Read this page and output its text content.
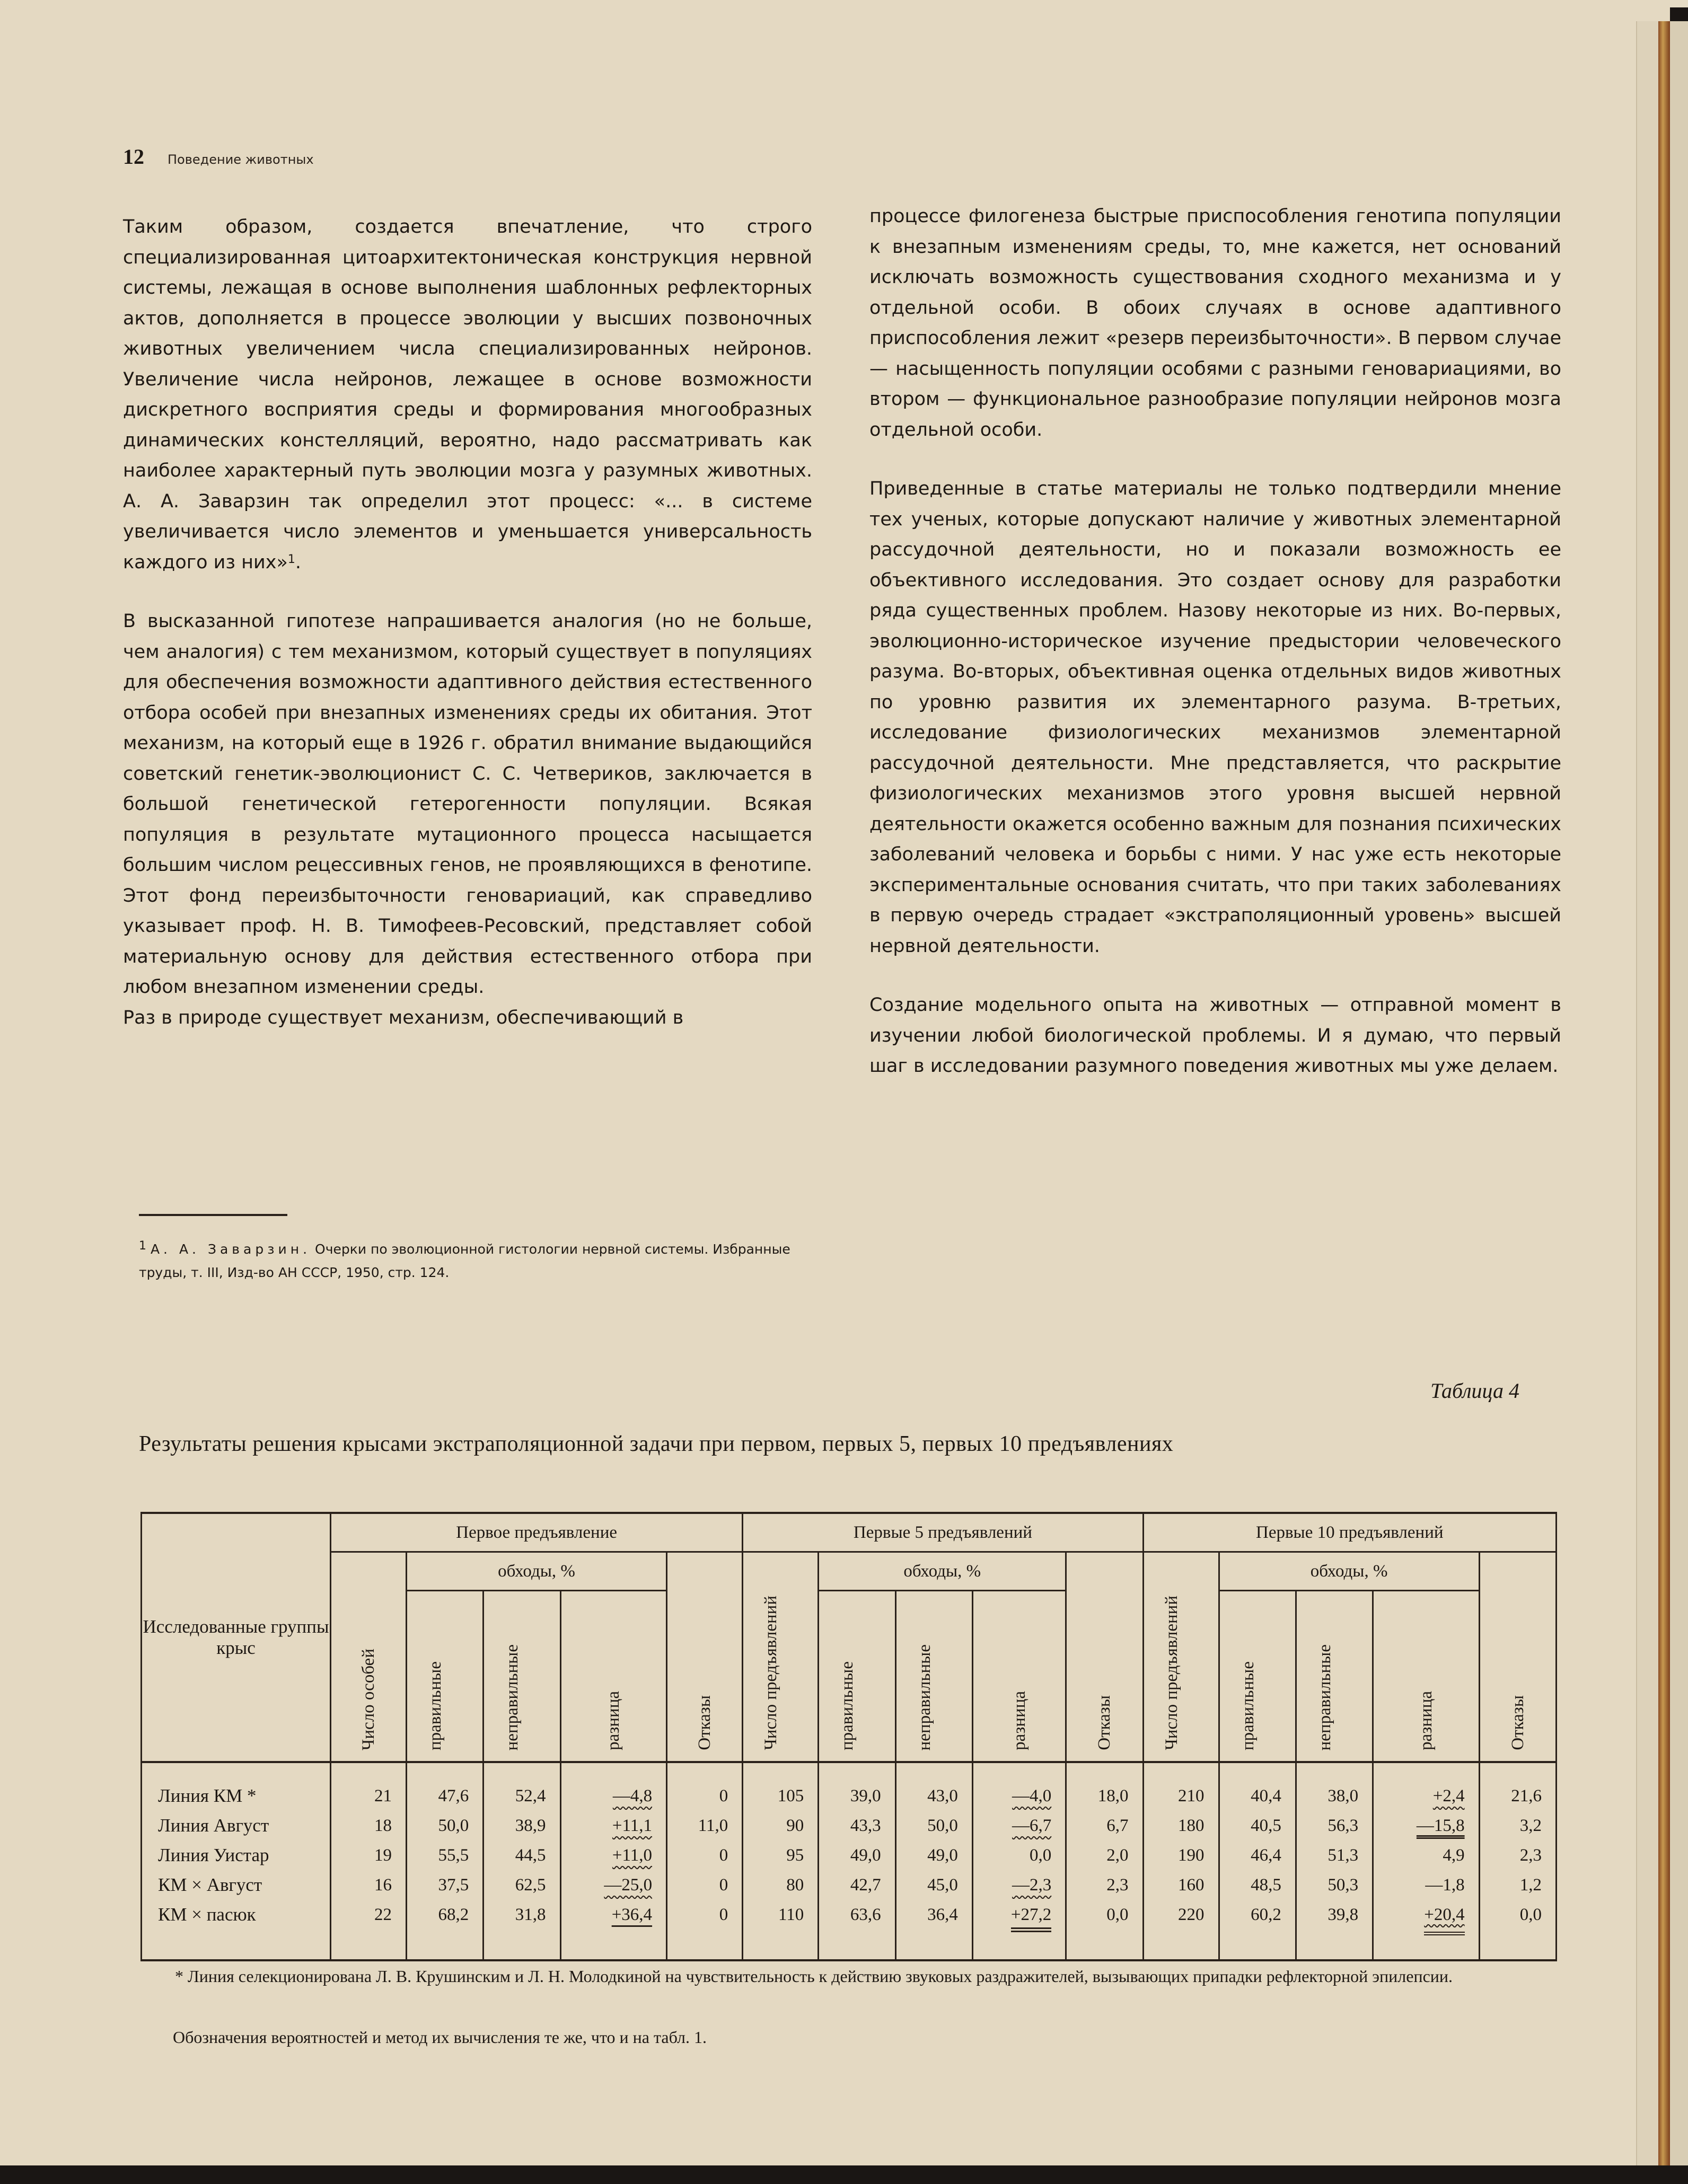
12 Поведение животных

Таким образом, создается впечатление, что строго специализированная цитоархитектоническая конструкция нервной системы, лежащая в основе выполнения шаблонных рефлекторных актов, дополняется в процессе эволюции у высших позвоночных животных увеличением числа специализированных нейронов. Увеличение числа нейронов, лежащее в основе возможности дискретного восприятия среды и формирования многообразных динамических констелляций, вероятно, надо рассматривать как наиболее характерный путь эволюции мозга у разумных животных. А. А. Заварзин так определил этот процесс: «... в системе увеличивается число элементов и уменьшается универсальность каждого из них»$^1$.

В высказанной гипотезе напрашивается аналогия (но не больше, чем аналогия) с тем механизмом, который существует в популяциях для обеспечения возможности адаптивного действия естественного отбора особей при внезапных изменениях среды их обитания. Этот механизм, на который еще в 1926 г. обратил внимание выдающийся советский генетик-эволюционист С. С. Четвериков, заключается в большой генетической гетерогенности популяции. Всякая популяция в результате мутационного процесса насыщается большим числом рецессивных генов, не проявляющихся в фенотипе. Этот фонд переизбыточности геновариаций, как справедливо указывает проф. Н. В. Тимофеев-Ресовский, представляет собой материальную основу для действия естественного отбора при любом внезапном изменении среды.

Раз в природе существует механизм, обеспечивающий в

процессе филогенеза быстрые приспособления генотипа популяции к внезапным изменениям среды, то, мне кажется, нет оснований исключать возможность существования сходного механизма и у отдельной особи. В обоих случаях в основе адаптивного приспособления лежит «резерв переизбыточности». В первом случае — насыщенность популяции особями с разными геновариациями, во втором — функциональное разнообразие популяции нейронов мозга отдельной особи.

Приведенные в статье материалы не только подтвердили мнение тех ученых, которые допускают наличие у животных элементарной рассудочной деятельности, но и показали возможность ее объективного исследования. Это создает основу для разработки ряда существенных проблем. Назову некоторые из них. Во-первых, эволюционно-историческое изучение предыстории человеческого разума. Во-вторых, объективная оценка отдельных видов животных по уровню развития их элементарного разума. В-третьих, исследование физиологических механизмов элементарной рассудочной деятельности. Мне представляется, что раскрытие физиологических механизмов этого уровня высшей нервной деятельности окажется особенно важным для познания психических заболеваний человека и борьбы с ними. У нас уже есть некоторые экспериментальные основания считать, что при таких заболеваниях в первую очередь страдает «экстраполяционный уровень» высшей нервной деятельности.

Создание модельного опыта на животных — отправной момент в изучении любой биологической проблемы. И я думаю, что первый шаг в исследовании разумного поведения животных мы уже делаем.

1 А. А. Заварзин. Очерки по эволюционной гистологии нервной системы. Избранные труды, т. III, Изд-во АН СССР, 1950, стр. 124.
Таблица 4
Результаты решения крысами экстраполяционной задачи при первом, первых 5, первых 10 предъявлениях
Исследованные группы крыс	Первое предъявление					Первые 5 предъявлений					Первые 10 предъявлений				

	Число особей	обходы, %			Отказы	Число предъявлений	обходы, %			Отказы	Число предъявлений	обходы, %			Отказы

		правильные	неправильные	разница			правильные	неправильные	разница			правильные	неправильные	разница	

Линия КМ *	21	47,6	52,4	—4,8	0	105	39,0	43,0	—4,0	18,0	210	40,4	38,0	+2,4	21,6
Линия Август	18	50,0	38,9	+11,1	11,0	90	43,3	50,0	—6,7	6,7	180	40,5	56,3	—15,8	3,2
Линия Уистар	19	55,5	44,5	+11,0	0	95	49,0	49,0	0,0	2,0	190	46,4	51,3	4,9	2,3
КМ × Август	16	37,5	62,5	—25,0	0	80	42,7	45,0	—2,3	2,3	160	48,5	50,3	—1,8	1,2
КМ × пасюк	22	68,2	31,8	+36,4	0	110	63,6	36,4	+27,2	0,0	220	60,2	39,8	+20,4	0,0
* Линия селекционирована Л. В. Крушинским и Л. Н. Молодкиной на чувствительность к действию звуковых раздражителей, вызывающих припадки рефлекторной эпилепсии.
Обозначения вероятностей и метод их вычисления те же, что и на табл. 1.
